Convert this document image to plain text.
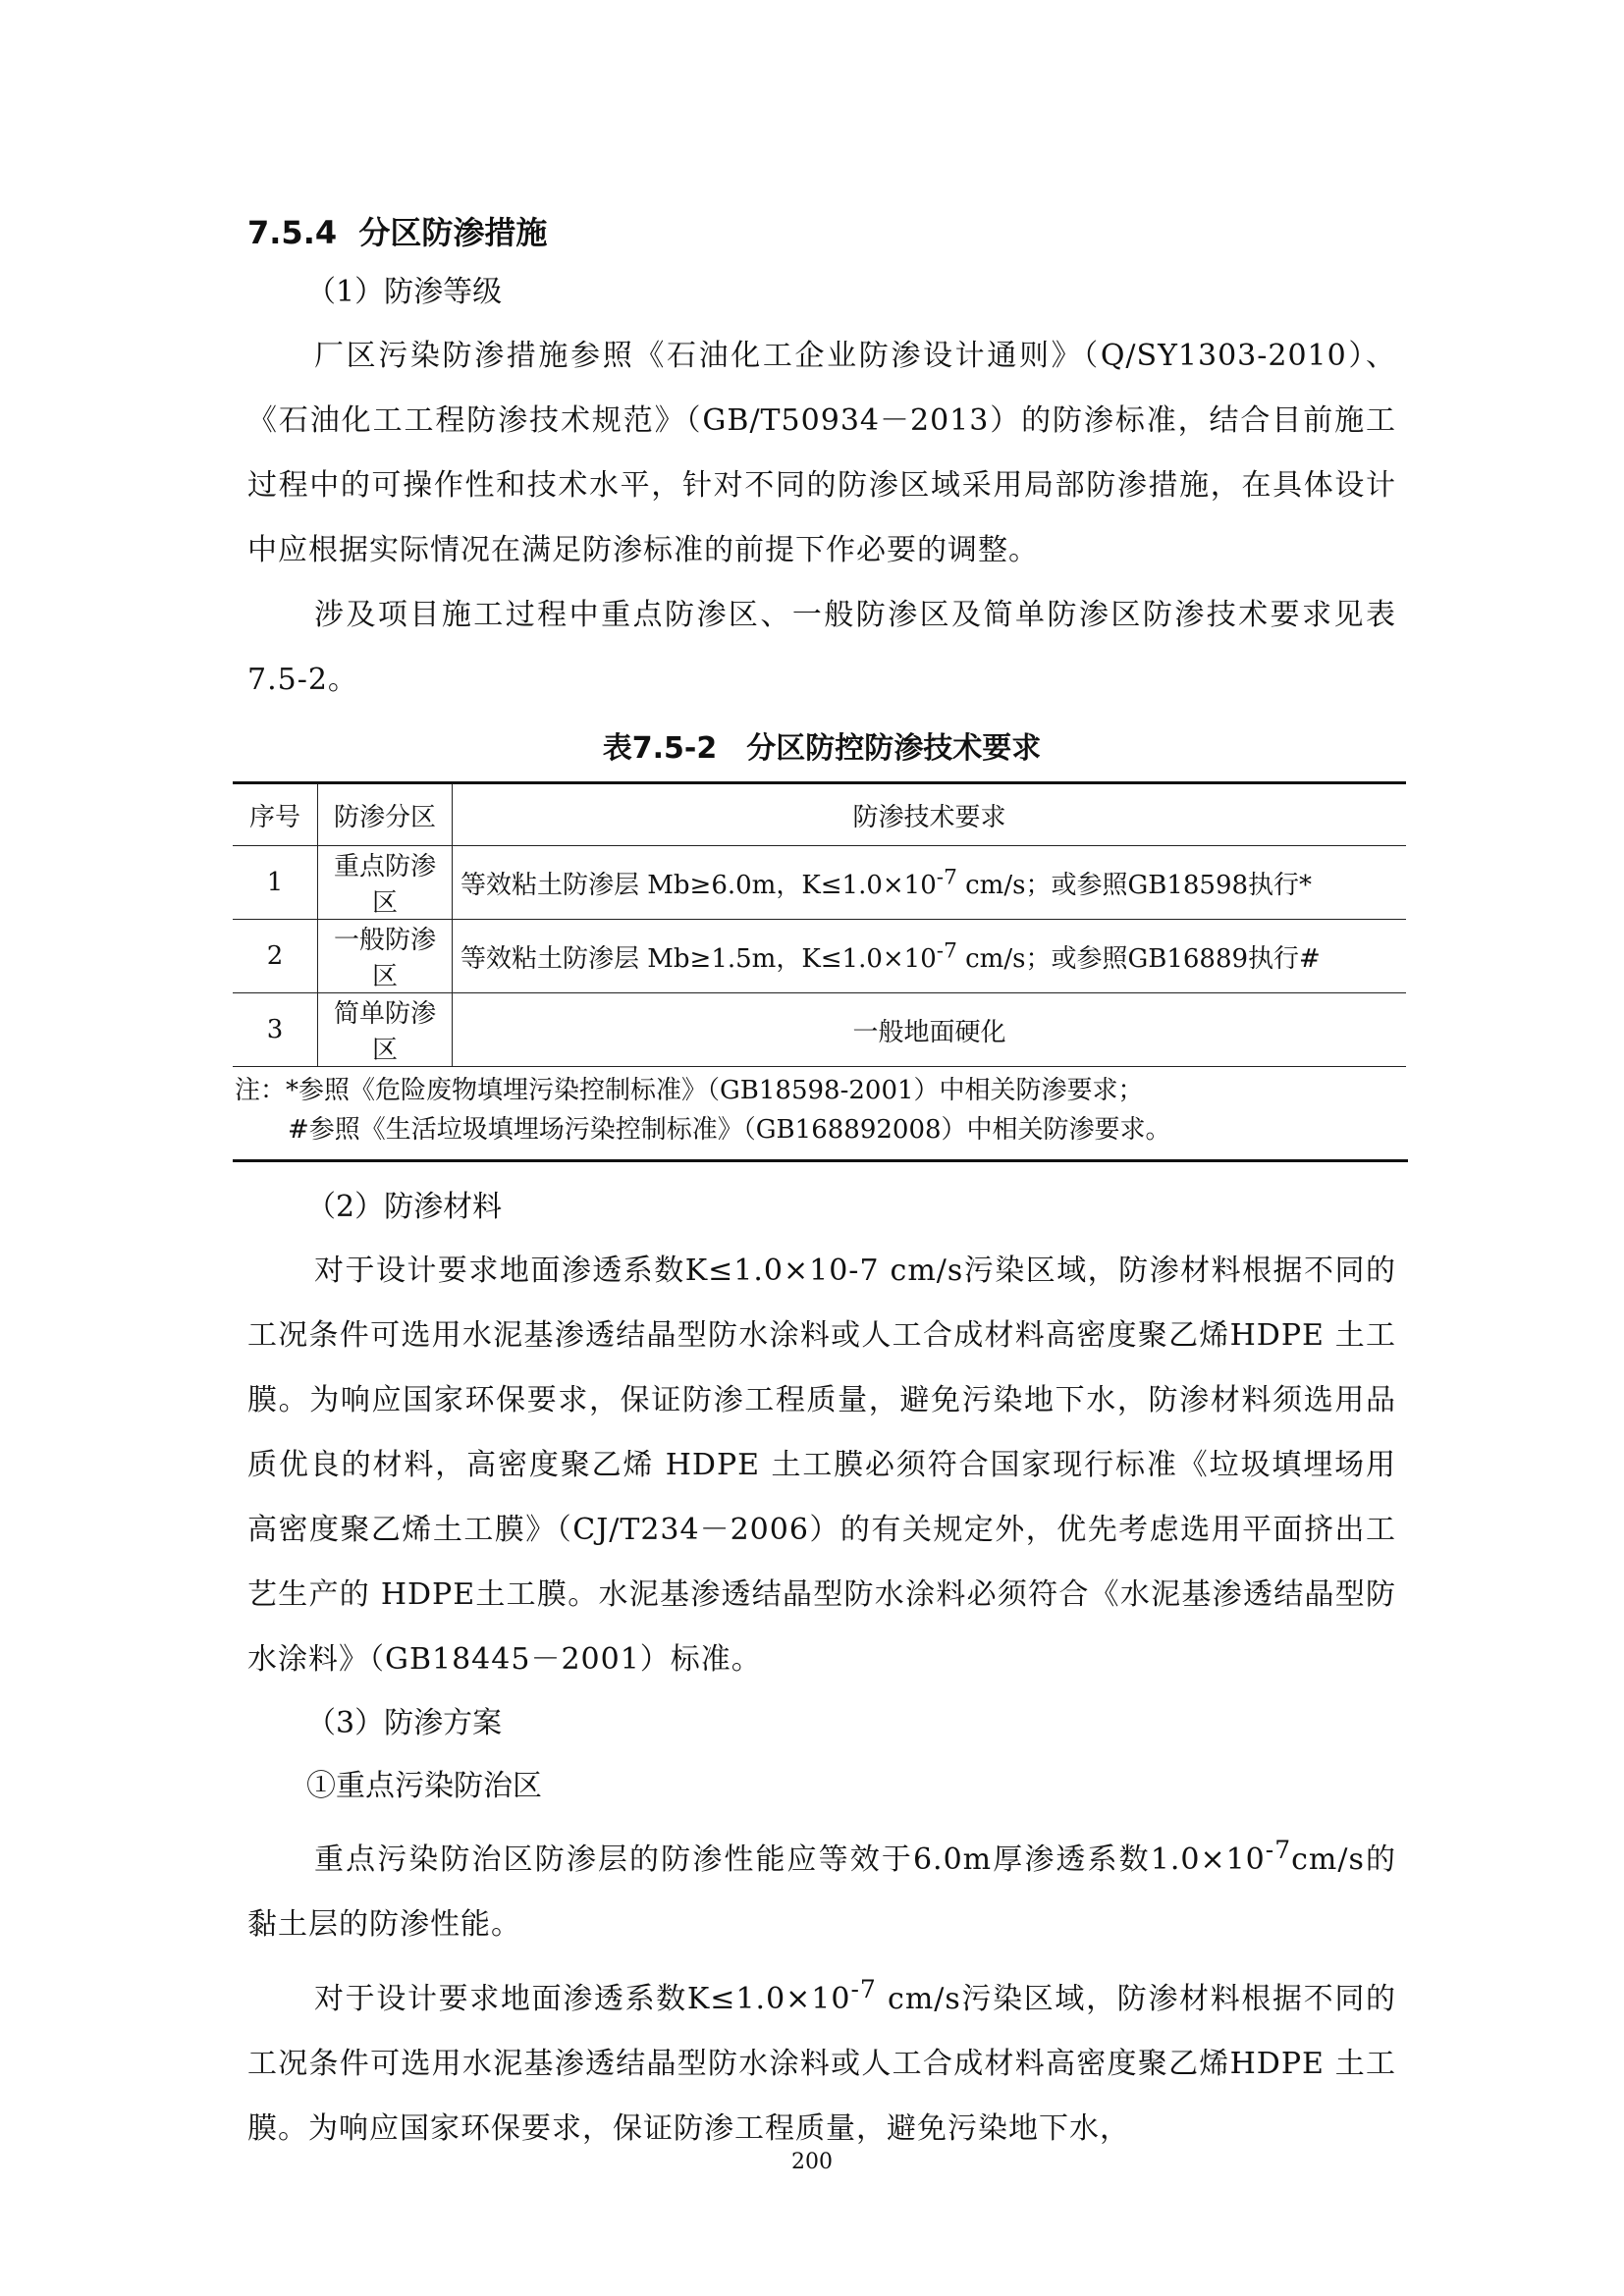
7.5.4 分区防渗措施

（1）防渗等级

厂区污染防渗措施参照《石油化工企业防渗设计通则》（Q/SY1303-2010）、《石油化工工程防渗技术规范》（GB/T50934－2013）的防渗标准，结合目前施工过程中的可操作性和技术水平，针对不同的防渗区域采用局部防渗措施，在具体设计中应根据实际情况在满足防渗标准的前提下作必要的调整。

涉及项目施工过程中重点防渗区、一般防渗区及简单防渗区防渗技术要求见表7.5-2。

表7.5-2　分区防控防渗技术要求
序号	防渗分区	防渗技术要求
1	重点防渗区	等效粘土防渗层 Mb≥6.0m，$K\le 1.0\times 10^{-7}$ cm/s；或参照GB18598执行*
2	一般防渗区	等效粘土防渗层 Mb≥1.5m，$K\le 1.0\times 10^{-7}$ cm/s；或参照GB16889执行#
3	简单防渗区	一般地面硬化
注：*参照《危险废物填埋污染控制标准》（GB18598-2001）中相关防渗要求；
#参照《生活垃圾填埋场污染控制标准》（GB168892008）中相关防渗要求。

（2）防渗材料

对于设计要求地面渗透系数K≤1.0×10-7 cm/s污染区域，防渗材料根据不同的工况条件可选用水泥基渗透结晶型防水涂料或人工合成材料高密度聚乙烯HDPE 土工膜。为响应国家环保要求，保证防渗工程质量，避免污染地下水，防渗材料须选用品质优良的材料，高密度聚乙烯 HDPE 土工膜必须符合国家现行标准《垃圾填埋场用高密度聚乙烯土工膜》（CJ/T234－2006）的有关规定外，优先考虑选用平面挤出工艺生产的 HDPE土工膜。水泥基渗透结晶型防水涂料必须符合《水泥基渗透结晶型防水涂料》（GB18445－2001）标准。

（3）防渗方案

①重点污染防治区

重点污染防治区防渗层的防渗性能应等效于6.0m厚渗透系数$1.0\times 10^{-7}cm/s$的黏土层的防渗性能。

对于设计要求地面渗透系数$K\le 1.0\times 10^{-7}$ cm/s污染区域，防渗材料根据不同的工况条件可选用水泥基渗透结晶型防水涂料或人工合成材料高密度聚乙烯HDPE 土工膜。为响应国家环保要求，保证防渗工程质量，避免污染地下水，

200
